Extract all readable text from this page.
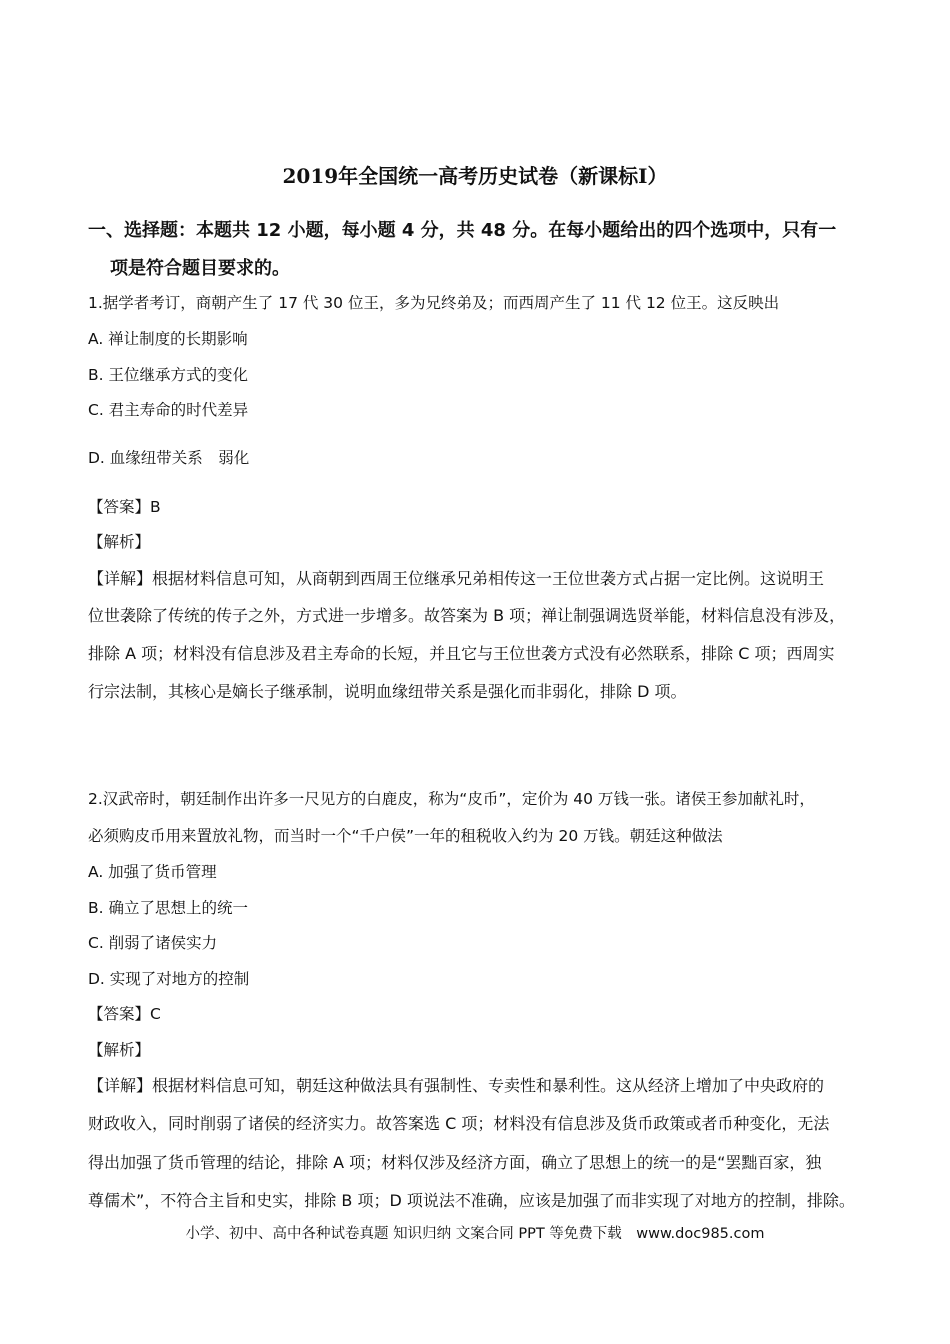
2019年全国统一高考历史试卷（新课标I）
一、选择题：本题共 12 小题，每小题 4 分，共 48 分。在每小题给出的四个选项中，只有一
项是符合题目要求的。
1.据学者考订，商朝产生了 17 代 30 位王，多为兄终弟及；而西周产生了 11 代 12 位王。这反映出
A. 禅让制度的长期影响
B. 王位继承方式的变化
C. 君主寿命的时代差异
D. 血缘纽带关系　弱化
【答案】B
【解析】
【详解】根据材料信息可知，从商朝到西周王位继承兄弟相传这一王位世袭方式占据一定比例。这说明王
位世袭除了传统的传子之外，方式进一步增多。故答案为 B 项；禅让制强调选贤举能，材料信息没有涉及，
排除 A 项；材料没有信息涉及君主寿命的长短，并且它与王位世袭方式没有必然联系，排除 C 项；西周实
行宗法制，其核心是嫡长子继承制，说明血缘纽带关系是强化而非弱化，排除 D 项。
2.汉武帝时，朝廷制作出许多一尺见方的白鹿皮，称为“皮币”，定价为 40 万钱一张。诸侯王参加献礼时，
必须购皮币用来置放礼物，而当时一个“千户侯”一年的租税收入约为 20 万钱。朝廷这种做法
A. 加强了货币管理
B. 确立了思想上的统一
C. 削弱了诸侯实力
D. 实现了对地方的控制
【答案】C
【解析】
【详解】根据材料信息可知，朝廷这种做法具有强制性、专卖性和暴利性。这从经济上增加了中央政府的
财政收入，同时削弱了诸侯的经济实力。故答案选 C 项；材料没有信息涉及货币政策或者币种变化，无法
得出加强了货币管理的结论，排除 A 项；材料仅涉及经济方面，确立了思想上的统一的是“罢黜百家，独
尊儒术”，不符合主旨和史实，排除 B 项；D 项说法不准确，应该是加强了而非实现了对地方的控制，排除。
小学、初中、高中各种试卷真题 知识归纳 文案合同 PPT 等免费下载　www.doc985.com
